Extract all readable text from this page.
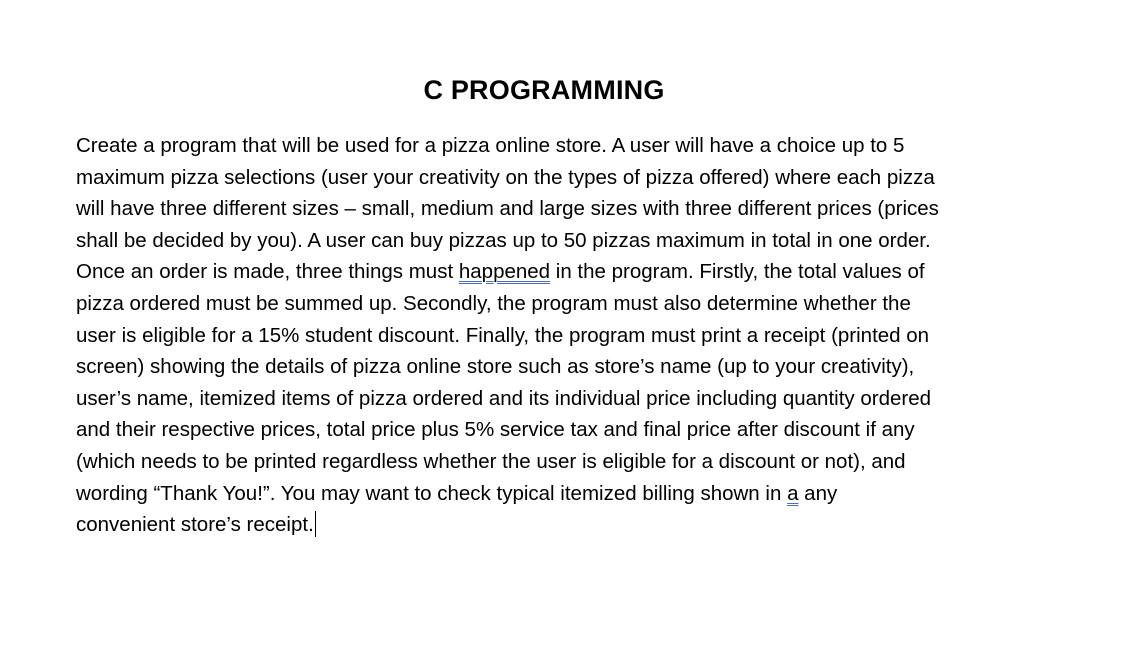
C PROGRAMMING
Create a program that will be used for a pizza online store. A user will have a choice up to 5
maximum pizza selections (user your creativity on the types of pizza offered) where each pizza
will have three different sizes – small, medium and large sizes with three different prices (prices
shall be decided by you). A user can buy pizzas up to 50 pizzas maximum in total in one order.
Once an order is made, three things must happened in the program. Firstly, the total values of
pizza ordered must be summed up. Secondly, the program must also determine whether the
user is eligible for a 15% student discount. Finally, the program must print a receipt (printed on
screen) showing the details of pizza online store such as store’s name (up to your creativity),
user’s name, itemized items of pizza ordered and its individual price including quantity ordered
and their respective prices, total price plus 5% service tax and final price after discount if any
(which needs to be printed regardless whether the user is eligible for a discount or not), and
wording “Thank You!”. You may want to check typical itemized billing shown in a any
convenient store’s receipt.
